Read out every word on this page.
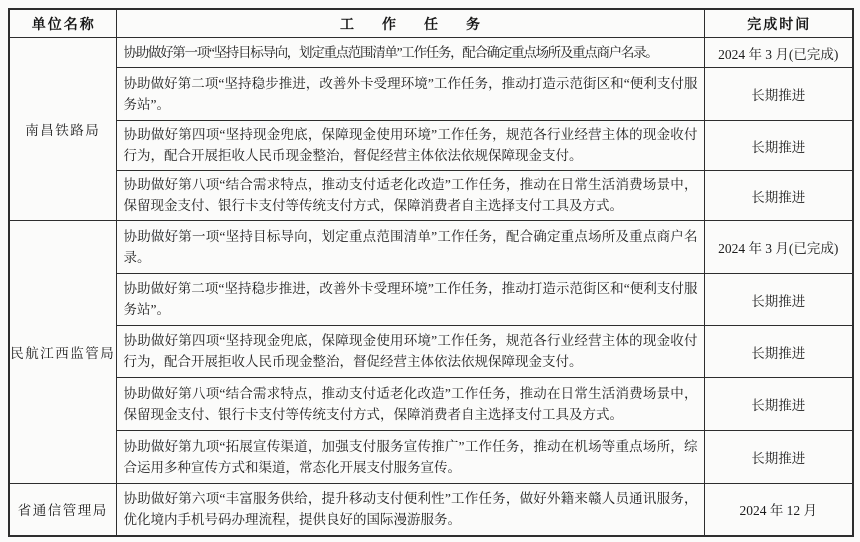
单位名称	工作任务	完成时间
南昌铁路局	协助做好第一项“坚持目标导向，划定重点范围清单”工作任务，配合确定重点场所及重点商户名录。	2024 年 3 月(已完成)
	协助做好第二项“坚持稳步推进，改善外卡受理环境”工作任务，推动打造示范街区和“便利支付服务站”。	长期推进
	协助做好第四项“坚持现金兜底，保障现金使用环境”工作任务，规范各行业经营主体的现金收付行为，配合开展拒收人民币现金整治，督促经营主体依法依规保障现金支付。	长期推进
	协助做好第八项“结合需求特点，推动支付适老化改造”工作任务，推动在日常生活消费场景中，保留现金支付、银行卡支付等传统支付方式，保障消费者自主选择支付工具及方式。	长期推进
民航江西监管局	协助做好第一项“坚持目标导向，划定重点范围清单”工作任务，配合确定重点场所及重点商户名录。	2024 年 3 月(已完成)
	协助做好第二项“坚持稳步推进，改善外卡受理环境”工作任务，推动打造示范街区和“便利支付服务站”。	长期推进
	协助做好第四项“坚持现金兜底，保障现金使用环境”工作任务，规范各行业经营主体的现金收付行为，配合开展拒收人民币现金整治，督促经营主体依法依规保障现金支付。	长期推进
	协助做好第八项“结合需求特点，推动支付适老化改造”工作任务，推动在日常生活消费场景中，保留现金支付、银行卡支付等传统支付方式，保障消费者自主选择支付工具及方式。	长期推进
	协助做好第九项“拓展宣传渠道，加强支付服务宣传推广”工作任务，推动在机场等重点场所，综合运用多种宣传方式和渠道，常态化开展支付服务宣传。	长期推进
省通信管理局	协助做好第六项“丰富服务供给，提升移动支付便利性”工作任务，做好外籍来赣人员通讯服务，优化境内手机号码办理流程，提供良好的国际漫游服务。	2024 年 12 月
